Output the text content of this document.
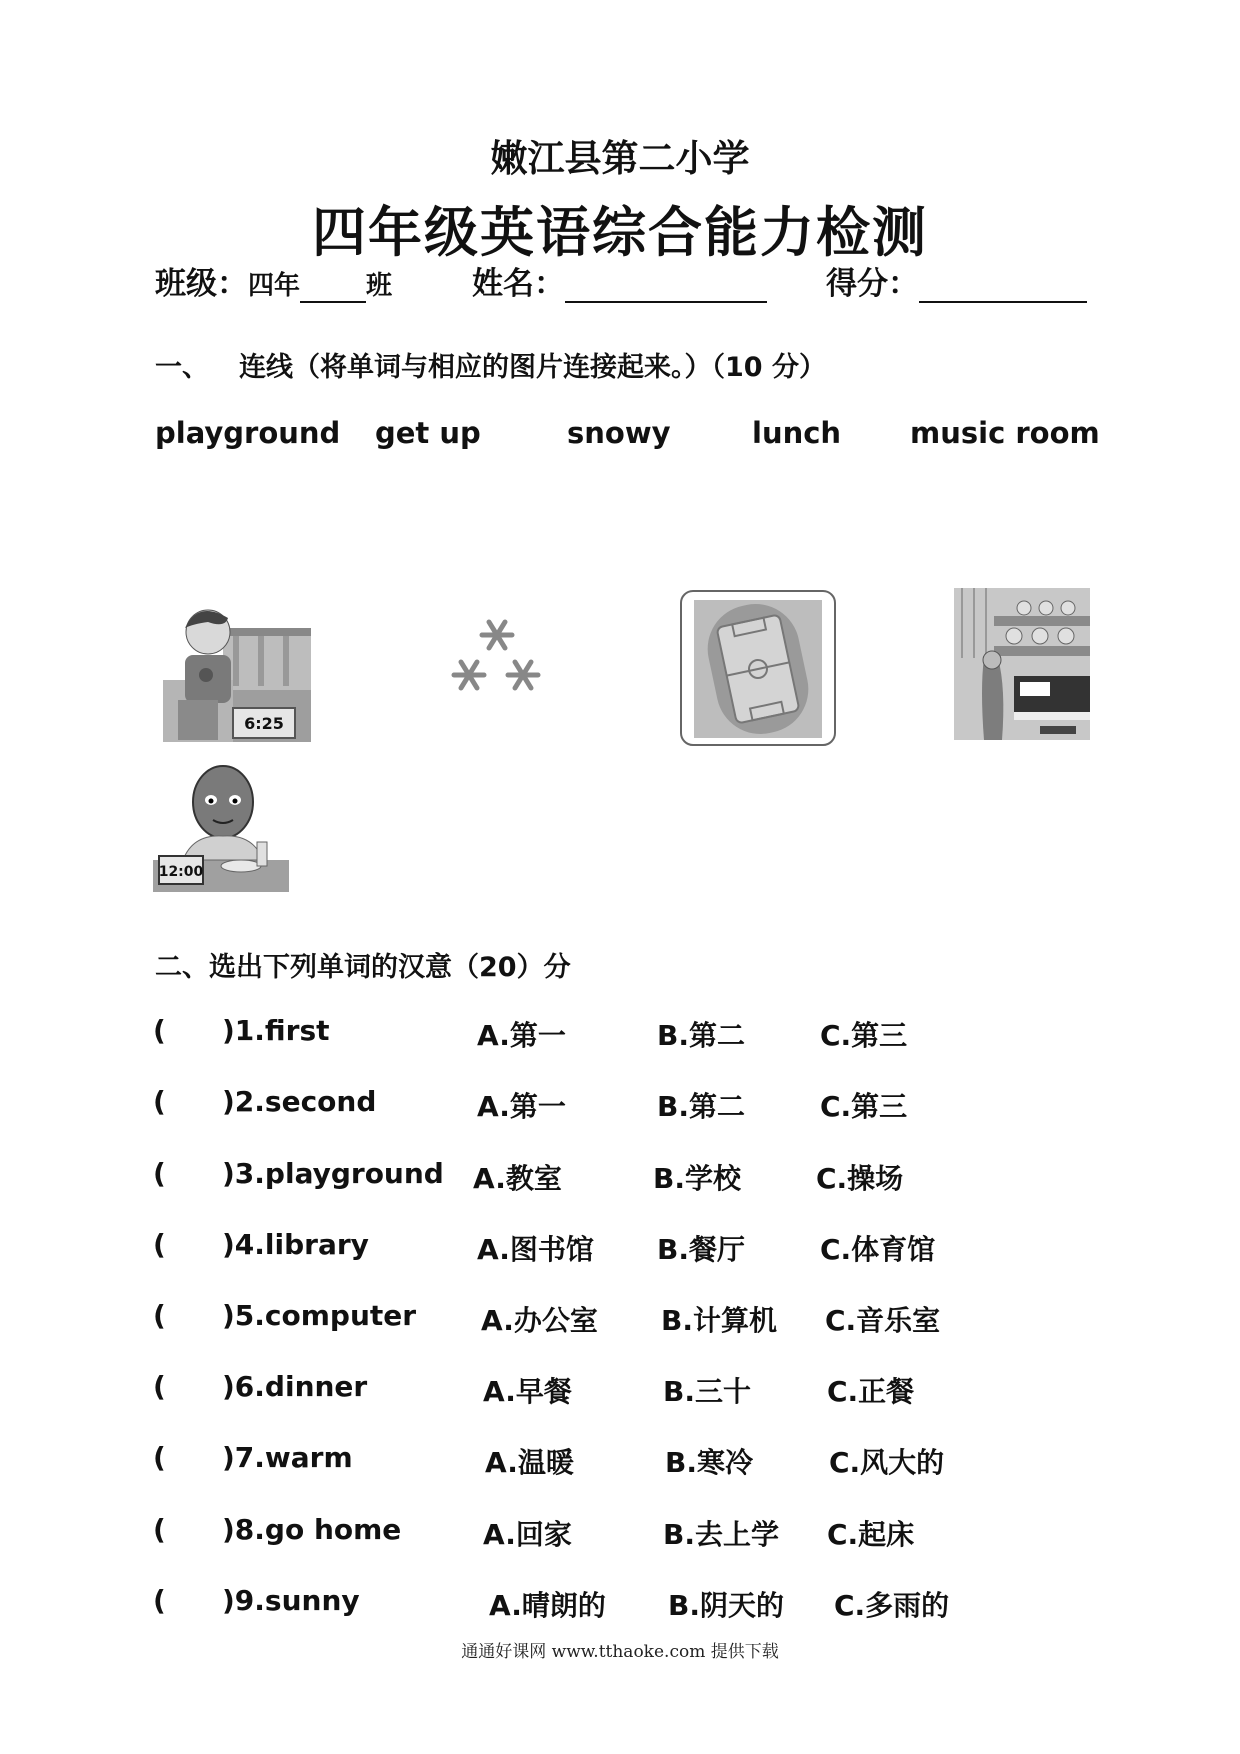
嫩江县第二小学
四年级英语综合能力检测
班级：四年	班	姓名：	得分：
一、 连线（将单词与相应的图片连接起来。）（10 分）
playground get up	snowy	lunch music room
6:25
12:00
二、选出下列单词的汉意（20）分
( )1.first	A.第一	B.第二	C.第三
( )2.second	A.第一	B.第二	C.第三
( )3.playground A.教室	B.学校	C.操场
( )4.library	A.图书馆 B.餐厅	C.体育馆
( )5.computer A.办公室 B.计算机 C.音乐室
( )6.dinner	A.早餐	B.三十	C.正餐
( )7.warm	A.温暖	B.寒冷	C.风大的
( )8.go home	A.回家	B.去上学 C.起床
( )9.sunny	A.晴朗的 B.阴天的 C.多雨的
通通好课网 www.tthaoke.com 提供下载
